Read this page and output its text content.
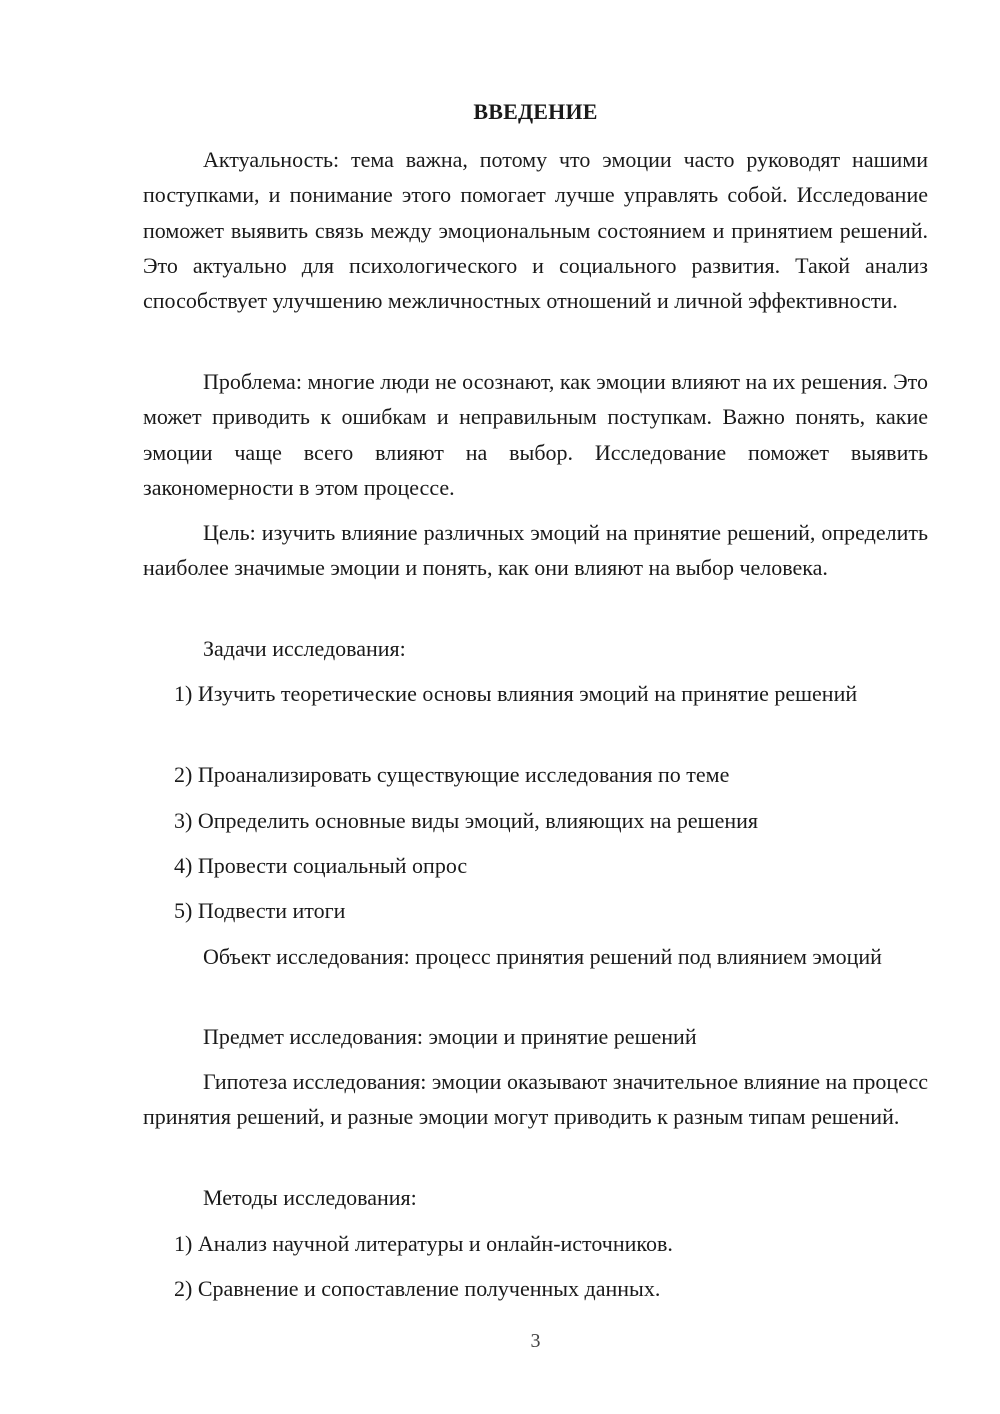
ВВЕДЕНИЕ

Актуальность: тема важна, потому что эмоции часто руководят нашими поступками, и понимание этого помогает лучше управлять собой. Исследование поможет выявить связь между эмоциональным состоянием и принятием решений. Это актуально для психологического и социального развития. Такой анализ способствует улучшению межличностных отношений и личной эффективности.

Проблема: многие люди не осознают, как эмоции влияют на их решения. Это может приводить к ошибкам и неправильным поступкам. Важно понять, какие эмоции чаще всего влияют на выбор. Исследование поможет выявить закономерности в этом процессе.

Цель: изучить влияние различных эмоций на принятие решений, определить наиболее значимые эмоции и понять, как они влияют на выбор человека.

Задачи исследования:

1) Изучить теоретические основы влияния эмоций на принятие решений

2) Проанализировать существующие исследования по теме

3) Определить основные виды эмоций, влияющих на решения

4) Провести социальный опрос

5) Подвести итоги

Объект исследования: процесс принятия решений под влиянием эмоций

Предмет исследования: эмоции и принятие решений

Гипотеза исследования: эмоции оказывают значительное влияние на процесс принятия решений, и разные эмоции могут приводить к разным типам решений.

Методы исследования:

1) Анализ научной литературы и онлайн-источников.

2) Сравнение и сопоставление полученных данных.

3
